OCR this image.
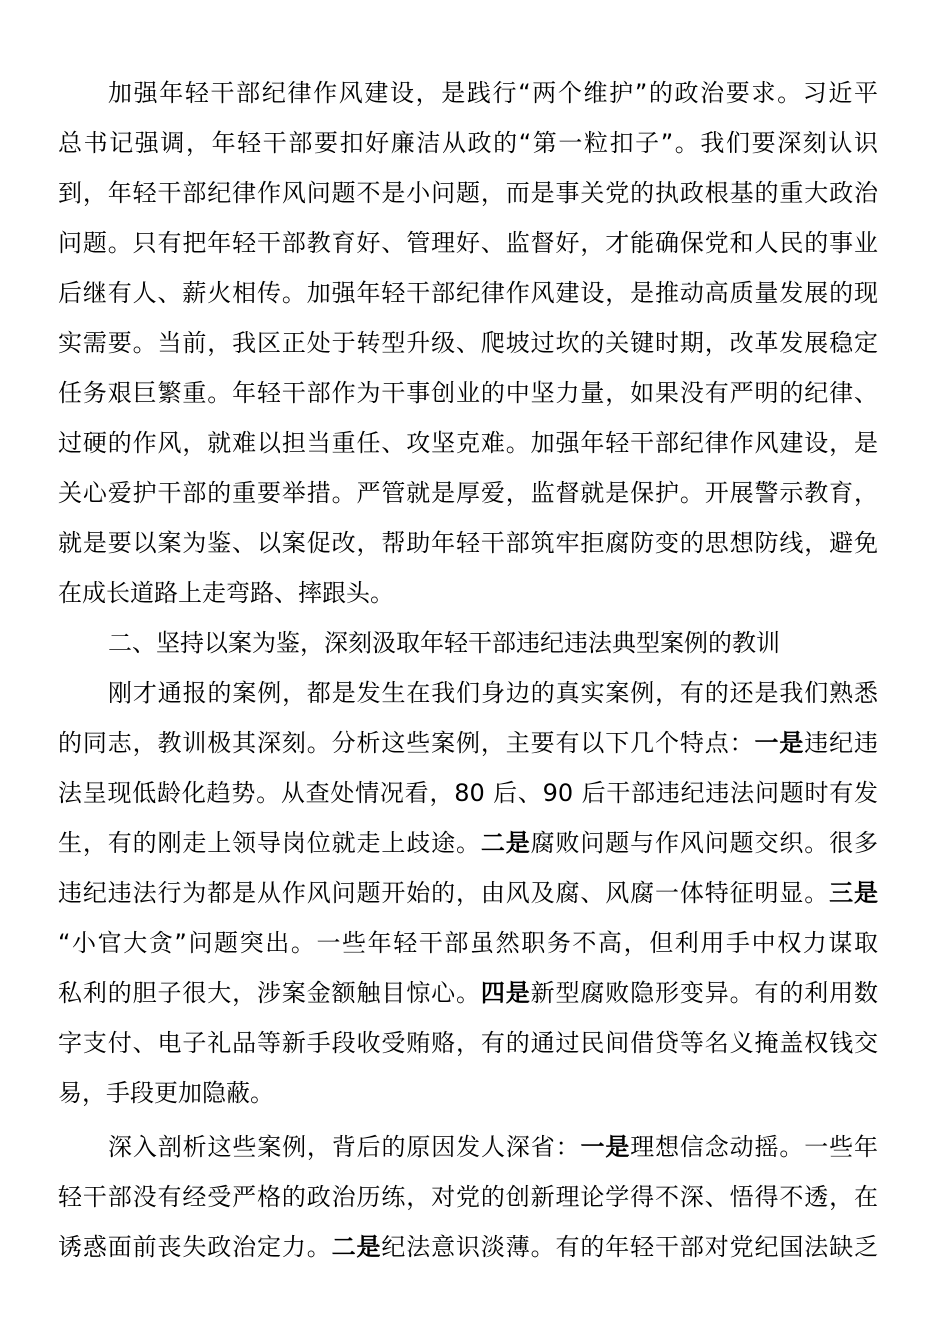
加强年轻干部纪律作风建设，是践行“两个维护”的政治要求。习近平
总书记强调，年轻干部要扣好廉洁从政的“第一粒扣子”。我们要深刻认识
到，年轻干部纪律作风问题不是小问题，而是事关党的执政根基的重大政治
问题。只有把年轻干部教育好、管理好、监督好，才能确保党和人民的事业
后继有人、薪火相传。加强年轻干部纪律作风建设，是推动高质量发展的现
实需要。当前，我区正处于转型升级、爬坡过坎的关键时期，改革发展稳定
任务艰巨繁重。年轻干部作为干事创业的中坚力量，如果没有严明的纪律、
过硬的作风，就难以担当重任、攻坚克难。加强年轻干部纪律作风建设，是
关心爱护干部的重要举措。严管就是厚爱，监督就是保护。开展警示教育，
就是要以案为鉴、以案促改，帮助年轻干部筑牢拒腐防变的思想防线，避免
在成长道路上走弯路、摔跟头。
二、坚持以案为鉴，深刻汲取年轻干部违纪违法典型案例的教训
刚才通报的案例，都是发生在我们身边的真实案例，有的还是我们熟悉
的同志，教训极其深刻。分析这些案例，主要有以下几个特点：一是违纪违
法呈现低龄化趋势。从查处情况看，80 后、90 后干部违纪违法问题时有发
生，有的刚走上领导岗位就走上歧途。二是腐败问题与作风问题交织。很多
违纪违法行为都是从作风问题开始的，由风及腐、风腐一体特征明显。三是
“小官大贪”问题突出。一些年轻干部虽然职务不高，但利用手中权力谋取
私利的胆子很大，涉案金额触目惊心。四是新型腐败隐形变异。有的利用数
字支付、电子礼品等新手段收受贿赂，有的通过民间借贷等名义掩盖权钱交
易，手段更加隐蔽。
深入剖析这些案例，背后的原因发人深省：一是理想信念动摇。一些年
轻干部没有经受严格的政治历练，对党的创新理论学得不深、悟得不透，在
诱惑面前丧失政治定力。二是纪法意识淡薄。有的年轻干部对党纪国法缺乏
